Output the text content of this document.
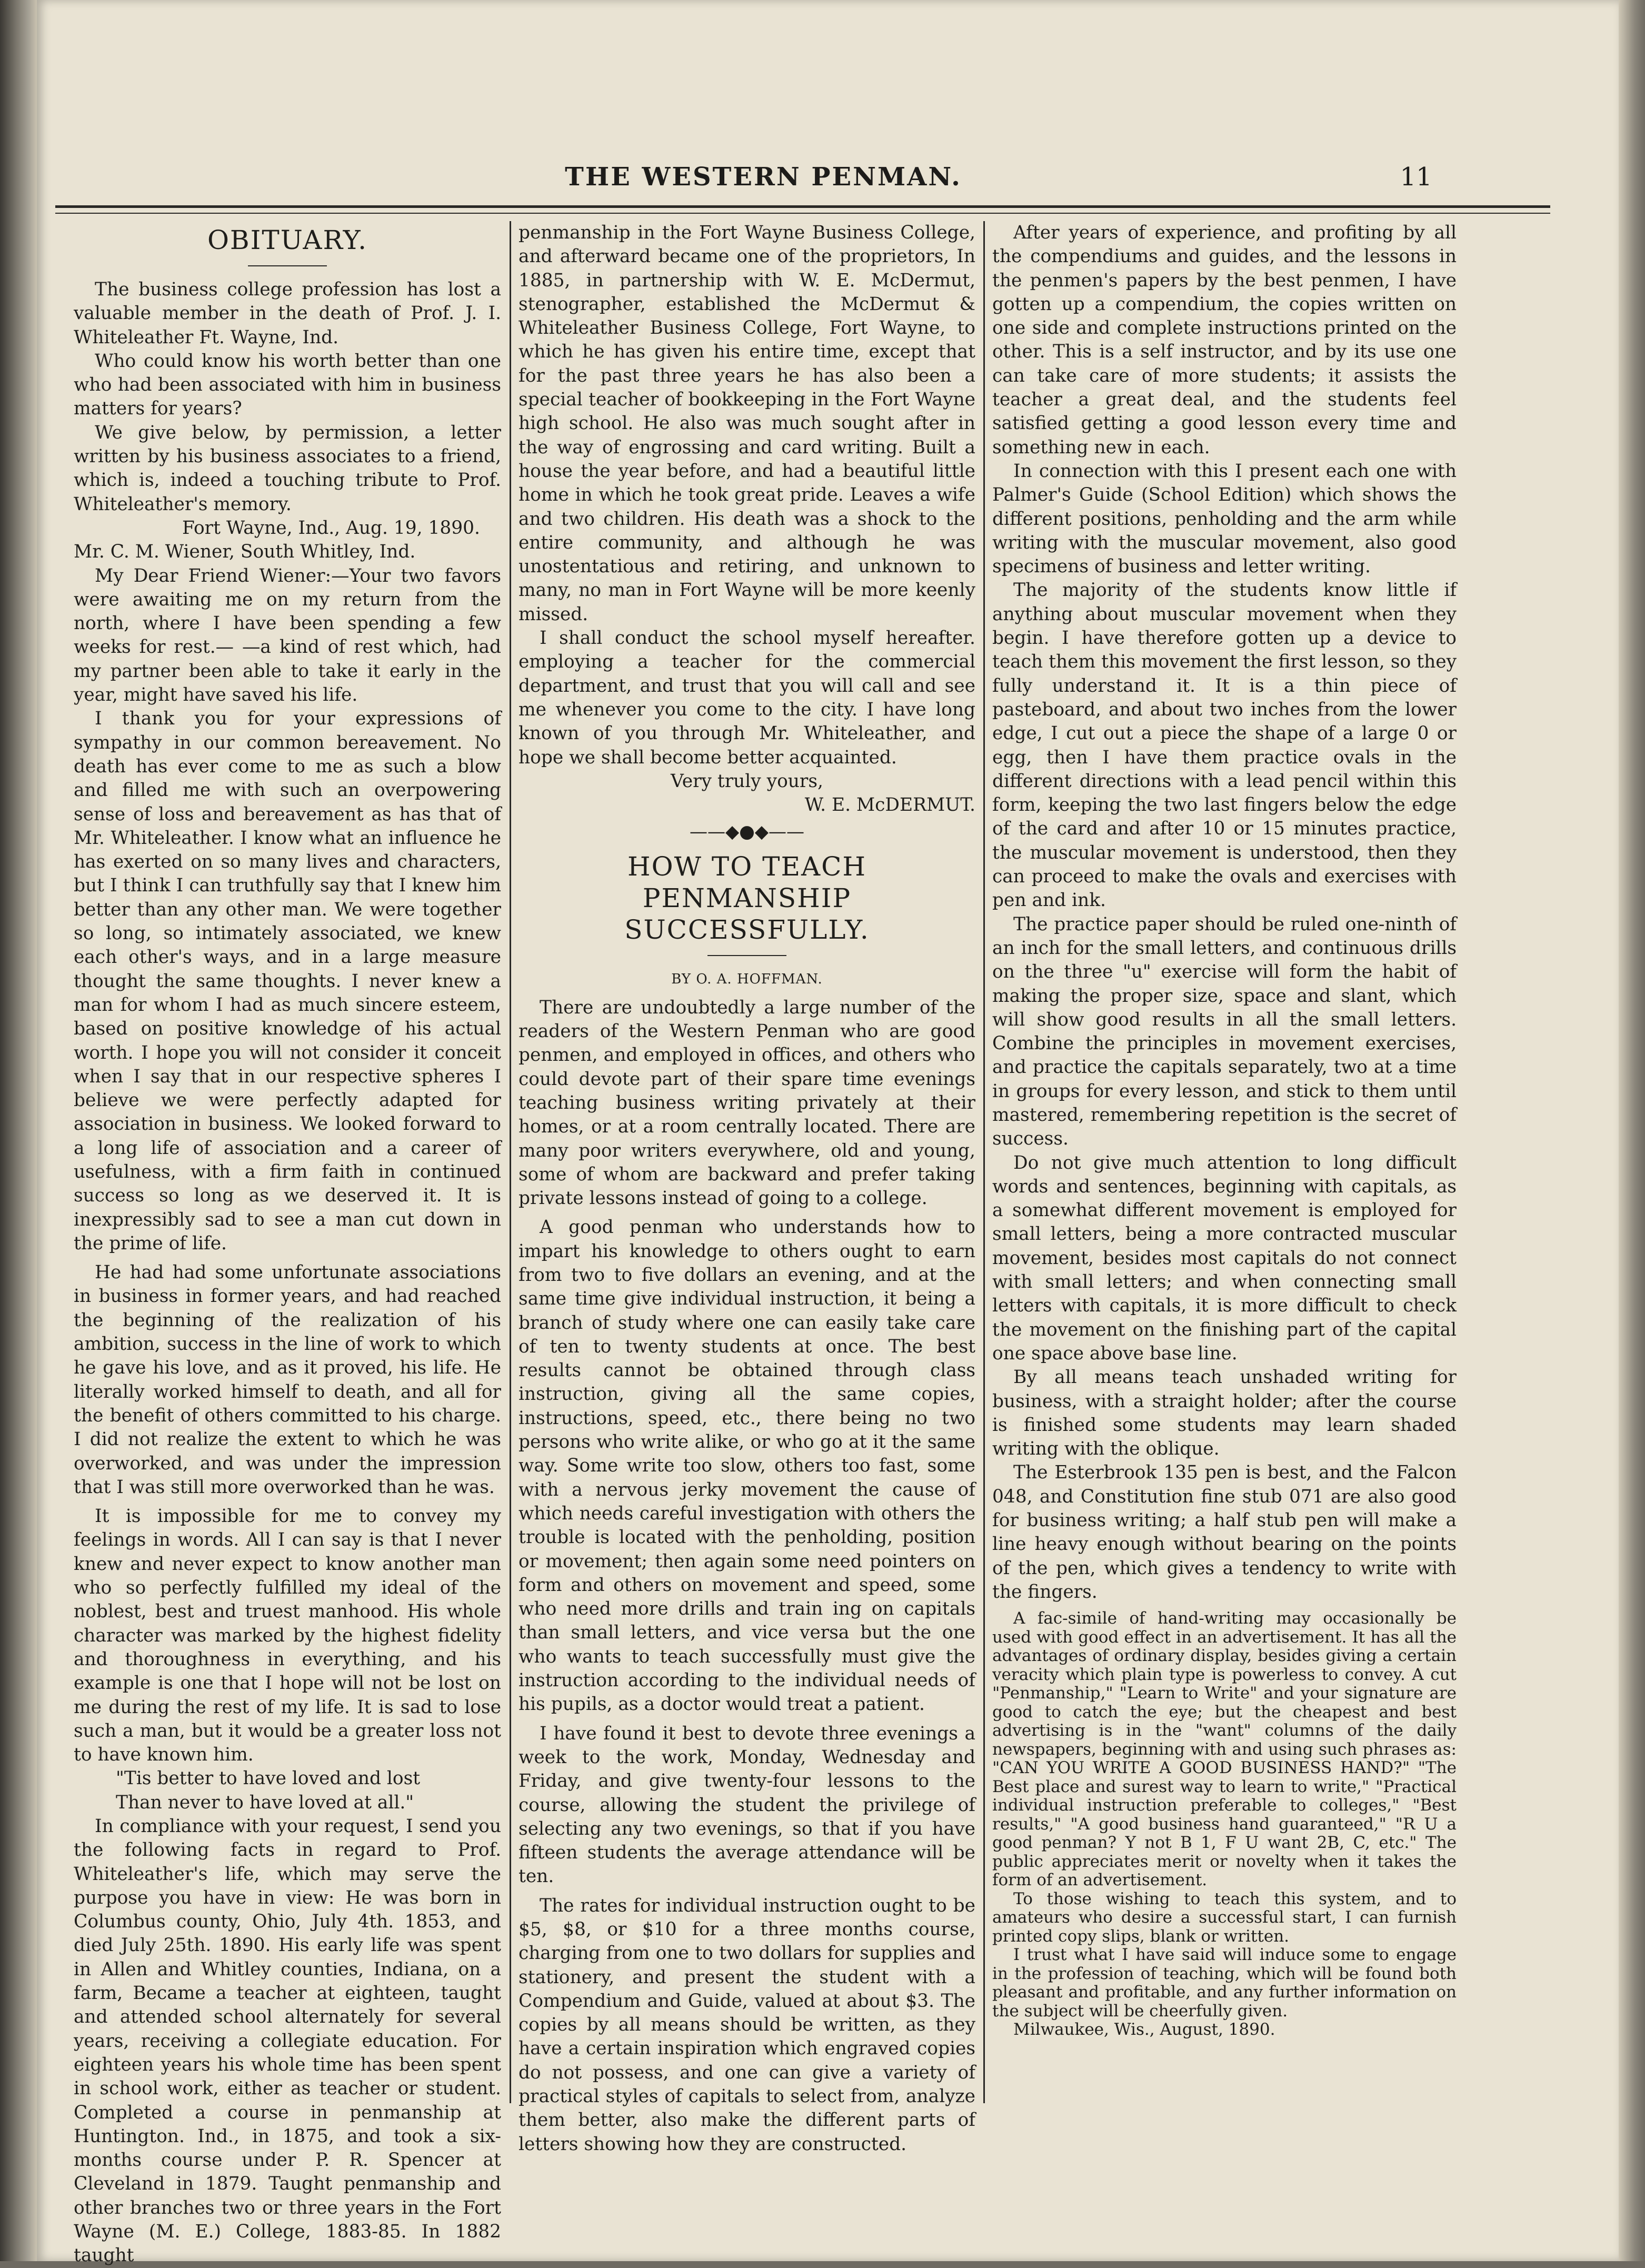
THE WESTERN PENMAN.	11
OBITUARY.

The business college profession has lost a valuable member in the death of Prof. J. I. Whiteleather Ft. Wayne, Ind.

Who could know his worth better than one who had been associated with him in business matters for years?

We give below, by permission, a letter written by his business associates to a friend, which is, indeed a touching tribute to Prof. Whiteleather's memory.

Fort Wayne, Ind., Aug. 19, 1890.

Mr. C. M. Wiener, South Whitley, Ind.

My Dear Friend Wiener:—Your two favors were awaiting me on my return from the north, where I have been spending a few weeks for rest.— —a kind of rest which, had my partner been able to take it early in the year, might have saved his life.

I thank you for your expressions of sympathy in our common bereavement. No death has ever come to me as such a blow and filled me with such an overpowering sense of loss and bereavement as has that of Mr. Whiteleather. I know what an influence he has exerted on so many lives and characters, but I think I can truthfully say that I knew him better than any other man. We were together so long, so intimately associated, we knew each other's ways, and in a large measure thought the same thoughts. I never knew a man for whom I had as much sincere esteem, based on positive knowledge of his actual worth. I hope you will not consider it conceit when I say that in our respective spheres I believe we were perfectly adapted for association in business. We looked forward to a long life of association and a career of usefulness, with a firm faith in continued success so long as we deserved it. It is inexpressibly sad to see a man cut down in the prime of life.

He had had some unfortunate associations in business in former years, and had reached the beginning of the realization of his ambition, success in the line of work to which he gave his love, and as it proved, his life. He literally worked himself to death, and all for the benefit of others committed to his charge. I did not realize the extent to which he was overworked, and was under the impression that I was still more overworked than he was.

It is impossible for me to convey my feelings in words. All I can say is that I never knew and never expect to know another man who so perfectly fulfilled my ideal of the noblest, best and truest manhood. His whole character was marked by the highest fidelity and thoroughness in everything, and his example is one that I hope will not be lost on me during the rest of my life. It is sad to lose such a man, but it would be a greater loss not to have known him.

"Tis better to have loved and lost

Than never to have loved at all."

In compliance with your request, I send you the following facts in regard to Prof. Whiteleather's life, which may serve the purpose you have in view: He was born in Columbus county, Ohio, July 4th. 1853, and died July 25th. 1890. His early life was spent in Allen and Whitley counties, Indiana, on a farm, Became a teacher at eighteen, taught and attended school alternately for several years, receiving a collegiate education. For eighteen years his whole time has been spent in school work, either as teacher or student. Completed a course in penmanship at Huntington. Ind., in 1875, and took a six-months course under P. R. Spencer at Cleveland in 1879. Taught penmanship and other branches two or three years in the Fort Wayne (M. E.) College, 1883-85. In 1882 taught

penmanship in the Fort Wayne Business College, and afterward became one of the proprietors, In 1885, in partnership with W. E. McDermut, stenographer, established the McDermut & Whiteleather Business College, Fort Wayne, to which he has given his entire time, except that for the past three years he has also been a special teacher of bookkeeping in the Fort Wayne high school. He also was much sought after in the way of engrossing and card writing. Built a house the year before, and had a beautiful little home in which he took great pride. Leaves a wife and two children. His death was a shock to the entire community, and although he was unostentatious and retiring, and unknown to many, no man in Fort Wayne will be more keenly missed.

I shall conduct the school myself hereafter. employing a teacher for the commercial department, and trust that you will call and see me whenever you come to the city. I have long known of you through Mr. Whiteleather, and hope we shall become better acquainted.

Very truly yours,

W. E. McDERMUT.

——◆●◆——
HOW TO TEACH PENMANSHIP SUCCESSFULLY.
BY O. A. HOFFMAN.

There are undoubtedly a large number of the readers of the Western Penman who are good penmen, and employed in offices, and others who could devote part of their spare time evenings teaching business writing privately at their homes, or at a room centrally located. There are many poor writers everywhere, old and young, some of whom are backward and prefer taking private lessons instead of going to a college.

A good penman who understands how to impart his knowledge to others ought to earn from two to five dollars an evening, and at the same time give individual instruction, it being a branch of study where one can easily take care of ten to twenty students at once. The best results cannot be obtained through class instruction, giving all the same copies, instructions, speed, etc., there being no two persons who write alike, or who go at it the same way. Some write too slow, others too fast, some with a nervous jerky movement the cause of which needs careful investigation with others the trouble is located with the penholding, position or movement; then again some need pointers on form and others on movement and speed, some who need more drills and train ing on capitals than small letters, and vice versa but the one who wants to teach successfully must give the instruction according to the individual needs of his pupils, as a doctor would treat a patient.

I have found it best to devote three evenings a week to the work, Monday, Wednesday and Friday, and give twenty-four lessons to the course, allowing the student the privilege of selecting any two evenings, so that if you have fifteen students the average attendance will be ten.

The rates for individual instruction ought to be $5, $8, or $10 for a three months course, charging from one to two dollars for supplies and stationery, and present the student with a Compendium and Guide, valued at about $3. The copies by all means should be written, as they have a certain inspiration which engraved copies do not possess, and one can give a variety of practical styles of capitals to select from, analyze them better, also make the different parts of letters showing how they are constructed.

After years of experience, and profiting by all the compendiums and guides, and the lessons in the penmen's papers by the best penmen, I have gotten up a compendium, the copies written on one side and complete instructions printed on the other. This is a self instructor, and by its use one can take care of more students; it assists the teacher a great deal, and the students feel satisfied getting a good lesson every time and something new in each.

In connection with this I present each one with Palmer's Guide (School Edition) which shows the different positions, penholding and the arm while writing with the muscular movement, also good specimens of business and letter writing.

The majority of the students know little if anything about muscular movement when they begin. I have therefore gotten up a device to teach them this movement the first lesson, so they fully understand it. It is a thin piece of pasteboard, and about two inches from the lower edge, I cut out a piece the shape of a large 0 or egg, then I have them practice ovals in the different directions with a lead pencil within this form, keeping the two last fingers below the edge of the card and after 10 or 15 minutes practice, the muscular movement is understood, then they can proceed to make the ovals and exercises with pen and ink.

The practice paper should be ruled one-ninth of an inch for the small letters, and continuous drills on the three "u" exercise will form the habit of making the proper size, space and slant, which will show good results in all the small letters. Combine the principles in movement exercises, and practice the capitals separately, two at a time in groups for every lesson, and stick to them until mastered, remembering repetition is the secret of success.

Do not give much attention to long difficult words and sentences, beginning with capitals, as a somewhat different movement is employed for small letters, being a more contracted muscular movement, besides most capitals do not connect with small letters; and when connecting small letters with capitals, it is more difficult to check the movement on the finishing part of the capital one space above base line.

By all means teach unshaded writing for business, with a straight holder; after the course is finished some students may learn shaded writing with the oblique.

The Esterbrook 135 pen is best, and the Falcon 048, and Constitution fine stub 071 are also good for business writing; a half stub pen will make a line heavy enough without bearing on the points of the pen, which gives a tendency to write with the fingers.

A fac-simile of hand-writing may occasionally be used with good effect in an advertisement. It has all the advantages of ordinary display, besides giving a certain veracity which plain type is powerless to convey. A cut "Penmanship," "Learn to Write" and your signature are good to catch the eye; but the cheapest and best advertising is in the "want" columns of the daily newspapers, beginning with and using such phrases as: "CAN YOU WRITE A GOOD BUSINESS HAND?" "The Best place and surest way to learn to write," "Practical individual instruction preferable to colleges," "Best results," "A good business hand guaranteed," "R U a good penman? Y not B 1, F U want 2B, C, etc." The public appreciates merit or novelty when it takes the form of an advertisement.

To those wishing to teach this system, and to amateurs who desire a successful start, I can furnish printed copy slips, blank or written.

I trust what I have said will induce some to engage in the profession of teaching, which will be found both pleasant and profitable, and any further information on the subject will be cheerfully given.

Milwaukee, Wis., August, 1890.
